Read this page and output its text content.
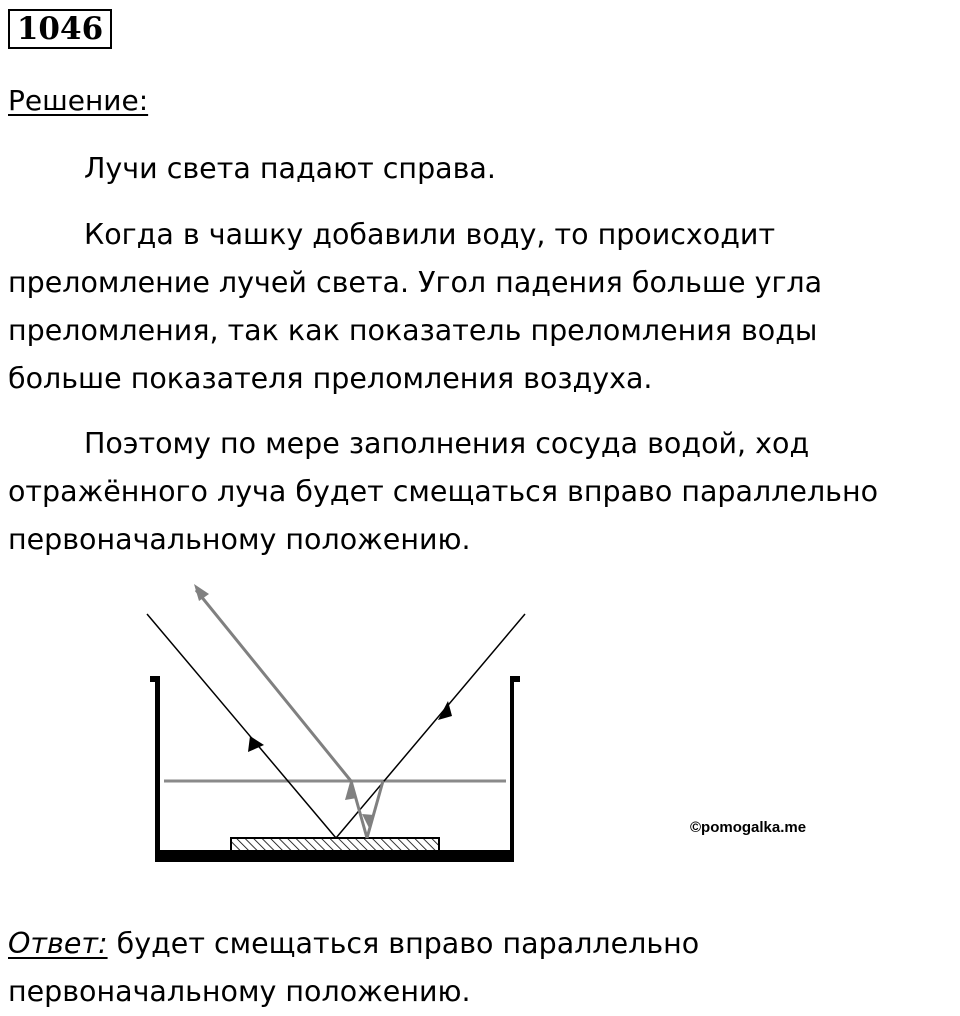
1046
Решение:
Лучи света падают справа.
Когда в чашку добавили воду, то происходит
преломление лучей света. Угол падения больше угла
преломления, так как показатель преломления воды
больше показателя преломления воздуха.
Поэтому по мере заполнения сосуда водой, ход
отражённого луча будет смещаться вправо параллельно
первоначальному положению.
©pomogalka.me
Ответ: будет смещаться вправо параллельно
первоначальному положению.
